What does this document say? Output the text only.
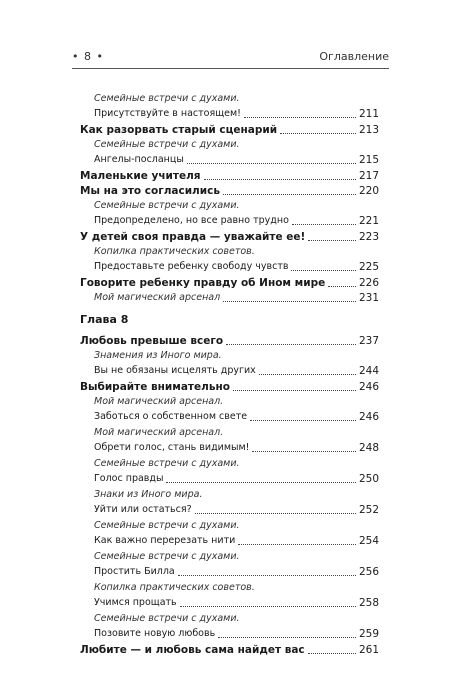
• 8 •	Оглавление
Глава 8
Семейные встречи с духами.
Присутствуйте в настоящем!	211
Как разорвать старый сценарий	213
Семейные встречи с духами.
Ангелы-посланцы	215
Маленькие учителя	217
Мы на это согласились	220
Семейные встречи с духами.
Предопределено, но все равно трудно	221
У детей своя правда — уважайте ее!	223
Копилка практических советов.
Предоставьте ребенку свободу чувств	225
Говорите ребенку правду об Ином мире	226
Мой магический арсенал	231
Любовь превыше всего	237
Знамения из Иного мира.
Вы не обязаны исцелять других	244
Выбирайте внимательно	246
Мой магический арсенал.
Заботься о собственном свете	246
Мой магический арсенал.
Обрети голос, стань видимым!	248
Семейные встречи с духами.
Голос правды	250
Знаки из Иного мира.
Уйти или остаться?	252
Семейные встречи с духами.
Как важно перерезать нити	254
Семейные встречи с духами.
Простить Билла	256
Копилка практических советов.
Учимся прощать	258
Семейные встречи с духами.
Позовите новую любовь	259
Любите — и любовь сама найдет вас	261
